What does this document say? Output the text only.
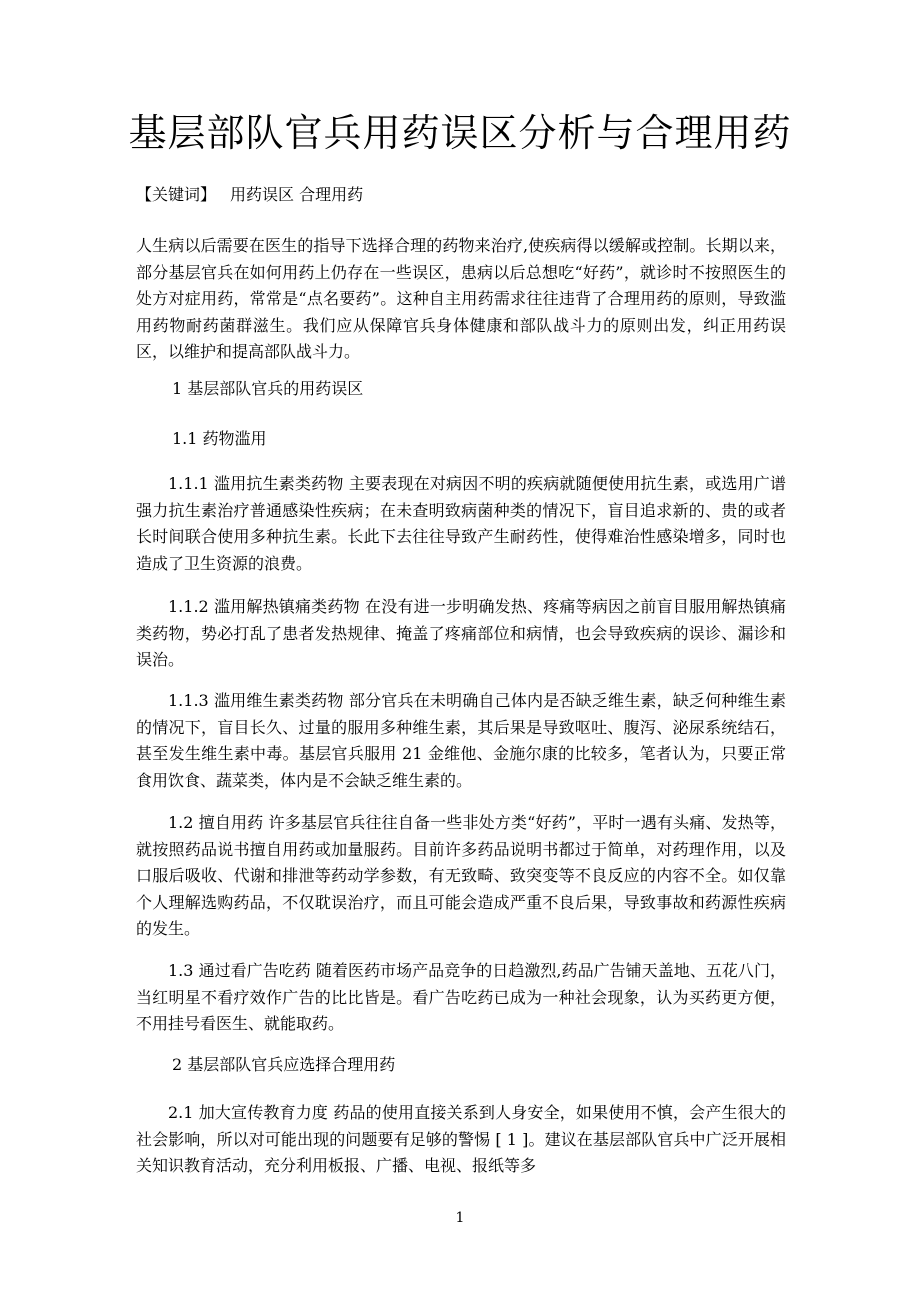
基层部队官兵用药误区分析与合理用药
【关键词】 用药误区 合理用药

人生病以后需要在医生的指导下选择合理的药物来治疗,使疾病得以缓解或控制。长期以来，部分基层官兵在如何用药上仍存在一些误区，患病以后总想吃“好药”，就诊时不按照医生的处方对症用药，常常是“点名要药”。这种自主用药需求往往违背了合理用药的原则，导致滥用药物耐药菌群滋生。我们应从保障官兵身体健康和部队战斗力的原则出发，纠正用药误区，以维护和提高部队战斗力。

1 基层部队官兵的用药误区

1.1 药物滥用

1.1.1 滥用抗生素类药物 主要表现在对病因不明的疾病就随便使用抗生素，或选用广谱强力抗生素治疗普通感染性疾病；在未查明致病菌种类的情况下，盲目追求新的、贵的或者长时间联合使用多种抗生素。长此下去往往导致产生耐药性，使得难治性感染增多，同时也造成了卫生资源的浪费。

1.1.2 滥用解热镇痛类药物 在没有进一步明确发热、疼痛等病因之前盲目服用解热镇痛类药物，势必打乱了患者发热规律、掩盖了疼痛部位和病情，也会导致疾病的误诊、漏诊和误治。

1.1.3 滥用维生素类药物 部分官兵在未明确自己体内是否缺乏维生素，缺乏何种维生素的情况下，盲目长久、过量的服用多种维生素，其后果是导致呕吐、腹泻、泌尿系统结石，甚至发生维生素中毒。基层官兵服用 21 金维他、金施尔康的比较多，笔者认为，只要正常食用饮食、蔬菜类，体内是不会缺乏维生素的。

1.2 擅自用药 许多基层官兵往往自备一些非处方类“好药”，平时一遇有头痛、发热等，就按照药品说书擅自用药或加量服药。目前许多药品说明书都过于简单，对药理作用，以及口服后吸收、代谢和排泄等药动学参数，有无致畸、致突变等不良反应的内容不全。如仅靠个人理解选购药品，不仅耽误治疗，而且可能会造成严重不良后果，导致事故和药源性疾病的发生。

1.3 通过看广告吃药 随着医药市场产品竞争的日趋激烈,药品广告铺天盖地、五花八门，当红明星不看疗效作广告的比比皆是。看广告吃药已成为一种社会现象，认为买药更方便，不用挂号看医生、就能取药。

2 基层部队官兵应选择合理用药

2.1 加大宣传教育力度 药品的使用直接关系到人身安全，如果使用不慎，会产生很大的社会影响，所以对可能出现的问题要有足够的警惕 [ 1 ]。建议在基层部队官兵中广泛开展相关知识教育活动，充分利用板报、广播、电视、报纸等多

1
